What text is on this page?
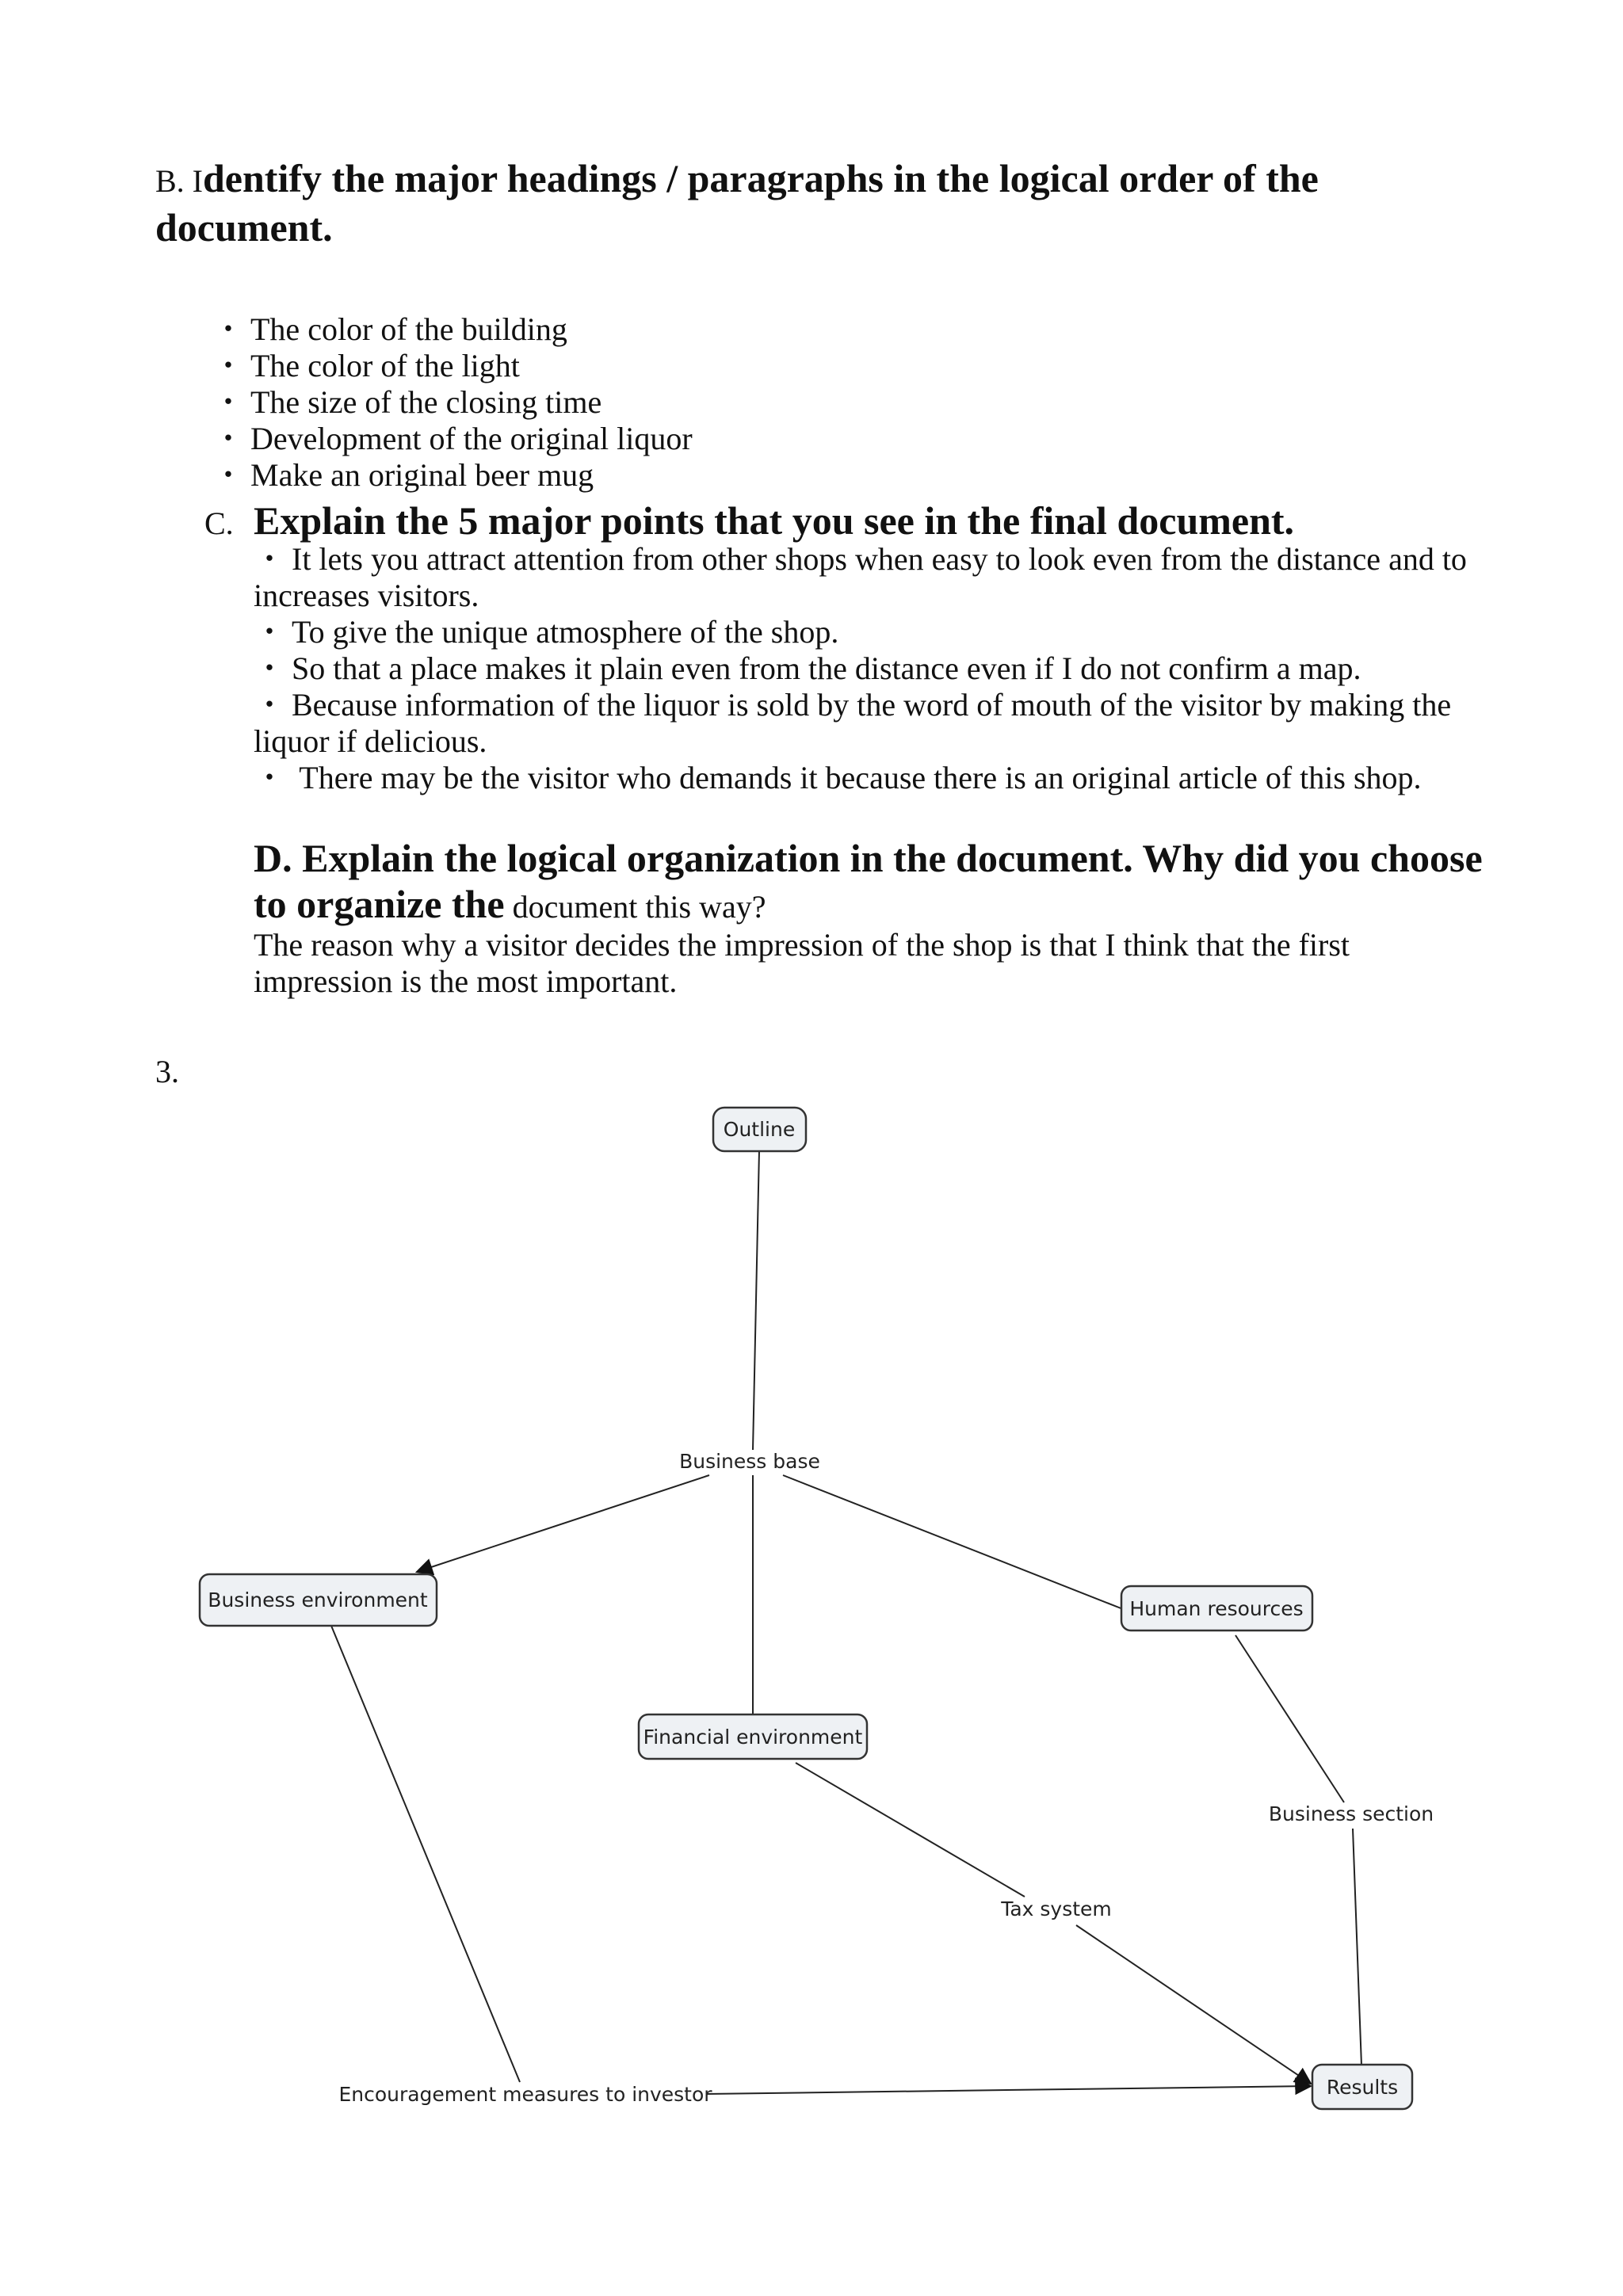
B. Identify the major headings / paragraphs in the logical order of the document.
・ The color of the building
・ The color of the light
・ The size of the closing time
・ Development of the original liquor
・ Make an original beer mug
C. Explain the 5 major points that you see in the final document.
・ It lets you attract attention from other shops when easy to look even from the distance and to increases visitors.
・ To give the unique atmosphere of the shop.
・ So that a place makes it plain even from the distance even if I do not confirm a map.
・ Because information of the liquor is sold by the word of mouth of the visitor by making the liquor if delicious.
・ There may be the visitor who demands it because there is an original article of this shop.
D. Explain the logical organization in the document. Why did you choose to organize the document this way?
The reason why a visitor decides the impression of the shop is that I think that the first impression is the most important.
3.
Outline
Business environment	Human resources
Financial environment
Results
Business base
Business section
Tax system
Encouragement measures to investor
